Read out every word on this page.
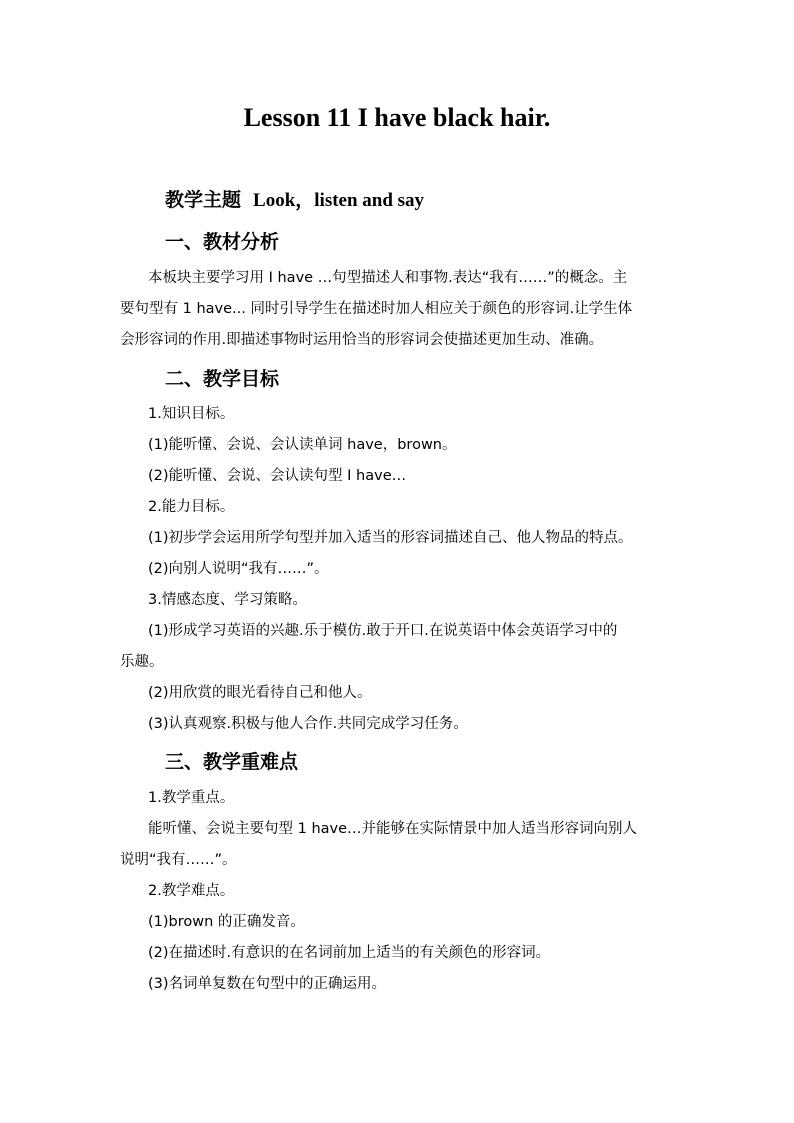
Lesson 11 I have black hair.
教学主题 Look，listen and say
一、教材分析
本板块主要学习用 I have …句型描述人和事物.表达“我有……”的概念。主
要句型有 1 have... 同时引导学生在描述时加人相应关于颜色的形容词.让学生体
会形容词的作用.即描述事物时运用恰当的形容词会使描述更加生动、准确。
二、教学目标
1.知识目标。
(1)能听懂、会说、会认读单词 have，brown。
(2)能听懂、会说、会认读句型 I have…
2.能力目标。
(1)初步学会运用所学句型并加入适当的形容词描述自己、他人物品的特点。
(2)向别人说明“我有……”。
3.情感态度、学习策略。
(1)形成学习英语的兴趣.乐于模仿.敢于开口.在说英语中体会英语学习中的
乐趣。
(2)用欣赏的眼光看待自己和他人。
(3)认真观察.积极与他人合作.共同完成学习任务。
三、教学重难点
1.教学重点。
能听懂、会说主要句型 1 have…并能够在实际情景中加人适当形容词向别人
说明“我有……”。
2.教学难点。
(1)brown 的正确发音。
(2)在描述时.有意识的在名词前加上适当的有关颜色的形容词。
(3)名词单复数在句型中的正确运用。
